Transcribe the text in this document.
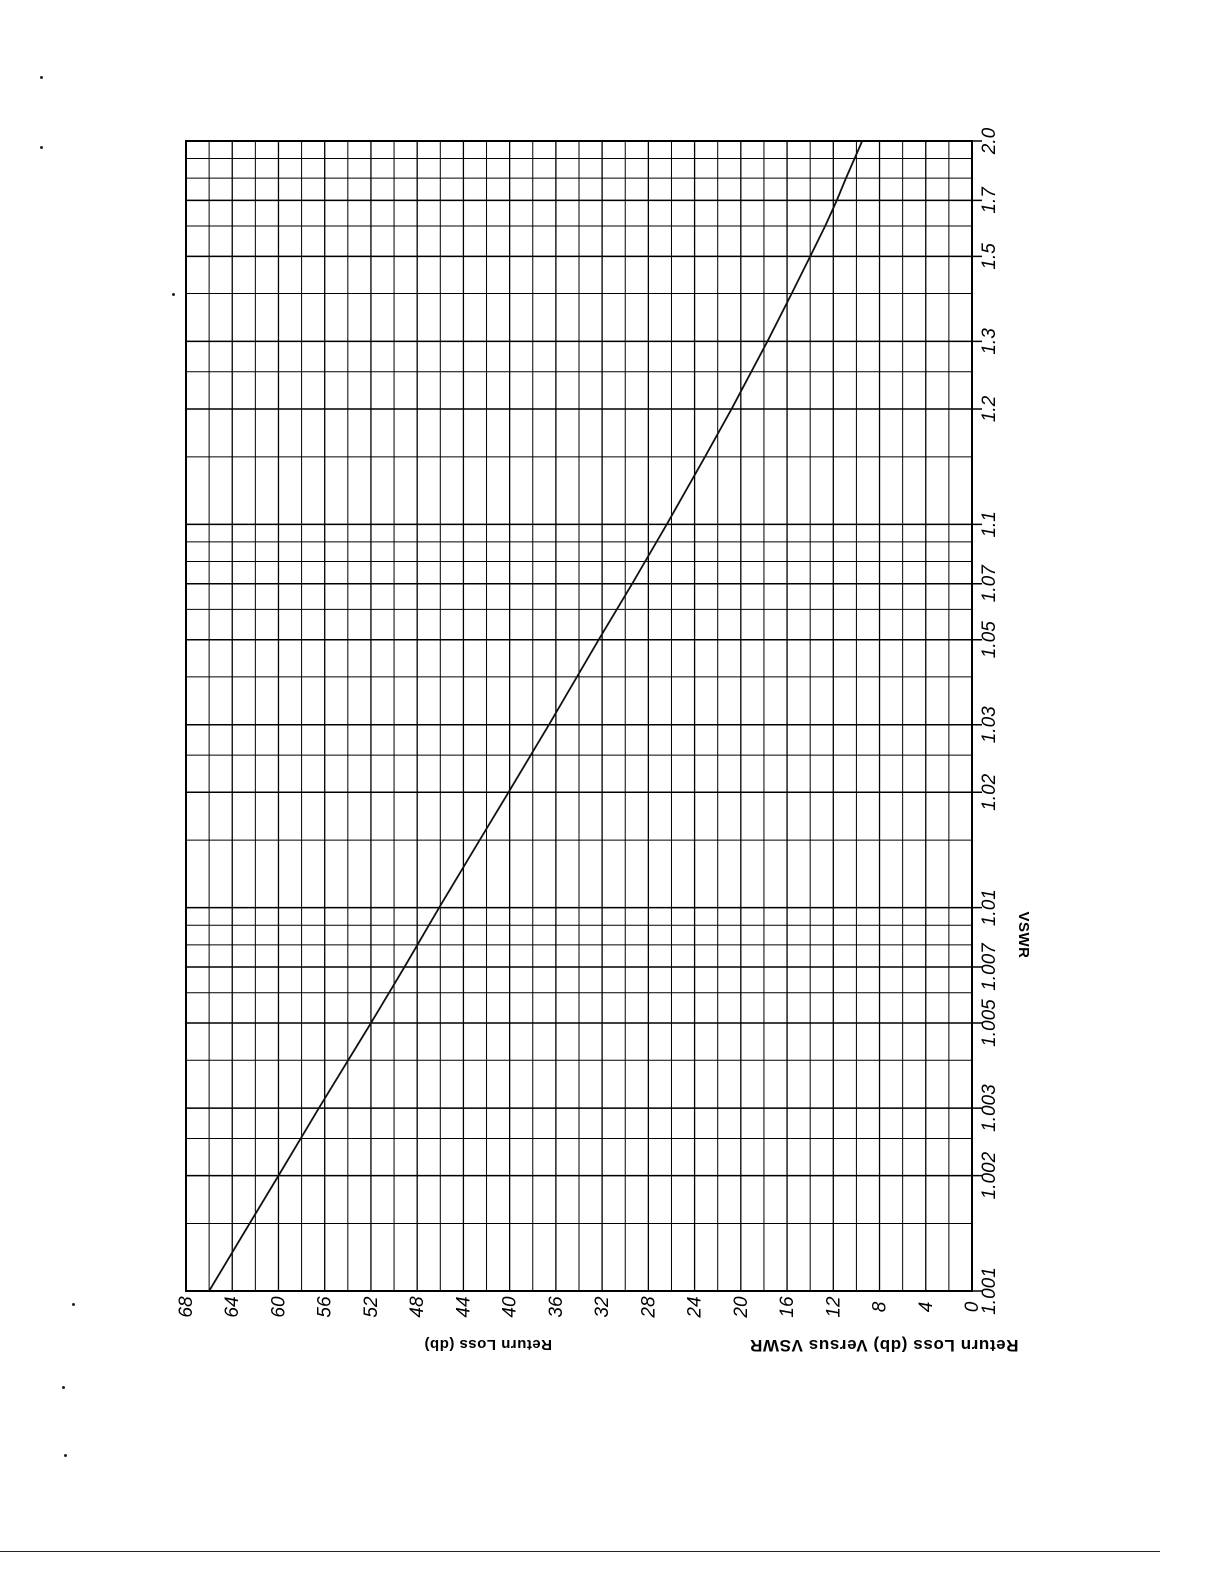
1.001
1.002
1.003
1.005
1.007
1.01
1.02
1.03
1.05
1.07
1.1
1.2
1.3
1.5
1.7
2.0
68 64 60 56 52 48 44 40 36 32 28 24 20 16 12 8 4 0
VSWR
Return Loss (db)	Return Loss (db) Versus VSWR
